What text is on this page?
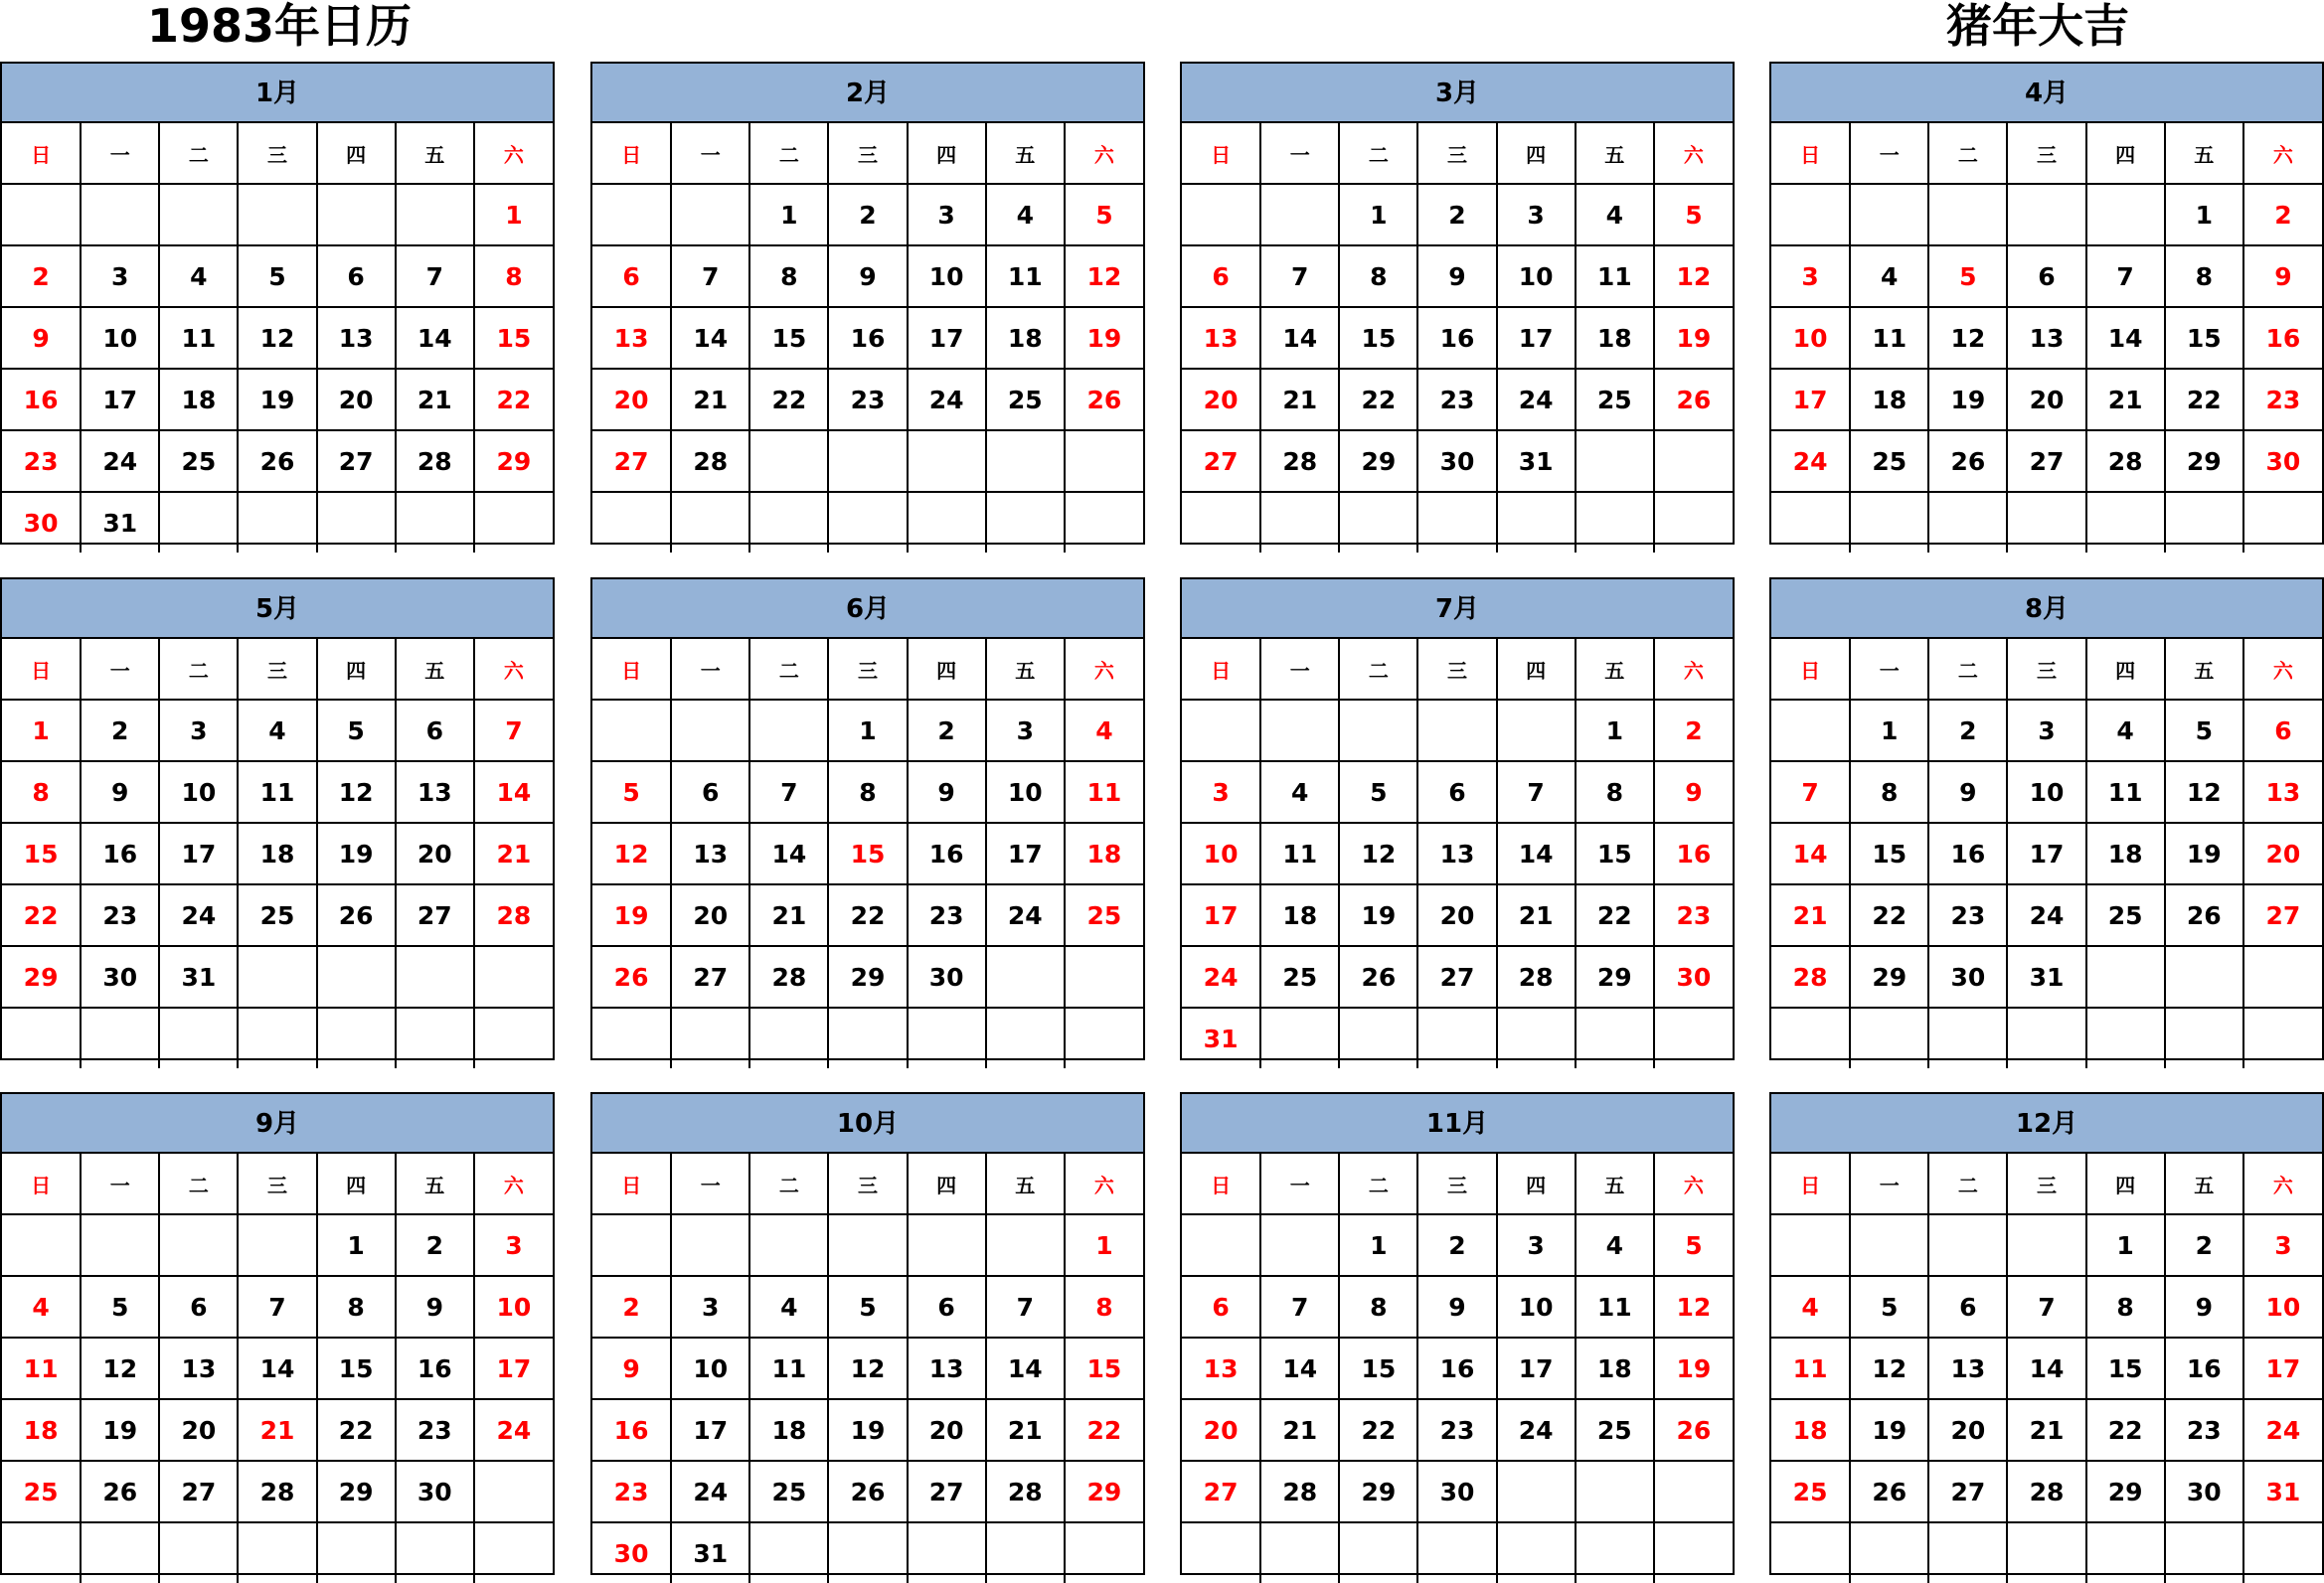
1983年日历	猪年大吉
1月
日	一	二	三	四	五	六
						1
2	3	4	5	6	7	8
9	10	11	12	13	14	15
16	17	18	19	20	21	22
23	24	25	26	27	28	29
30	31					
2月
日	一	二	三	四	五	六
		1	2	3	4	5
6	7	8	9	10	11	12
13	14	15	16	17	18	19
20	21	22	23	24	25	26
27	28					

3月
日	一	二	三	四	五	六
		1	2	3	4	5
6	7	8	9	10	11	12
13	14	15	16	17	18	19
20	21	22	23	24	25	26
27	28	29	30	31		

4月
日	一	二	三	四	五	六
					1	2
3	4	5	6	7	8	9
10	11	12	13	14	15	16
17	18	19	20	21	22	23
24	25	26	27	28	29	30

5月
日	一	二	三	四	五	六
1	2	3	4	5	6	7
8	9	10	11	12	13	14
15	16	17	18	19	20	21
22	23	24	25	26	27	28
29	30	31				

6月
日	一	二	三	四	五	六
			1	2	3	4
5	6	7	8	9	10	11
12	13	14	15	16	17	18
19	20	21	22	23	24	25
26	27	28	29	30		

7月
日	一	二	三	四	五	六
					1	2
3	4	5	6	7	8	9
10	11	12	13	14	15	16
17	18	19	20	21	22	23
24	25	26	27	28	29	30
31						
8月
日	一	二	三	四	五	六
	1	2	3	4	5	6
7	8	9	10	11	12	13
14	15	16	17	18	19	20
21	22	23	24	25	26	27
28	29	30	31			

9月
日	一	二	三	四	五	六
				1	2	3
4	5	6	7	8	9	10
11	12	13	14	15	16	17
18	19	20	21	22	23	24
25	26	27	28	29	30	

10月
日	一	二	三	四	五	六
						1
2	3	4	5	6	7	8
9	10	11	12	13	14	15
16	17	18	19	20	21	22
23	24	25	26	27	28	29
30	31					
11月
日	一	二	三	四	五	六
		1	2	3	4	5
6	7	8	9	10	11	12
13	14	15	16	17	18	19
20	21	22	23	24	25	26
27	28	29	30			

12月
日	一	二	三	四	五	六
				1	2	3
4	5	6	7	8	9	10
11	12	13	14	15	16	17
18	19	20	21	22	23	24
25	26	27	28	29	30	31
